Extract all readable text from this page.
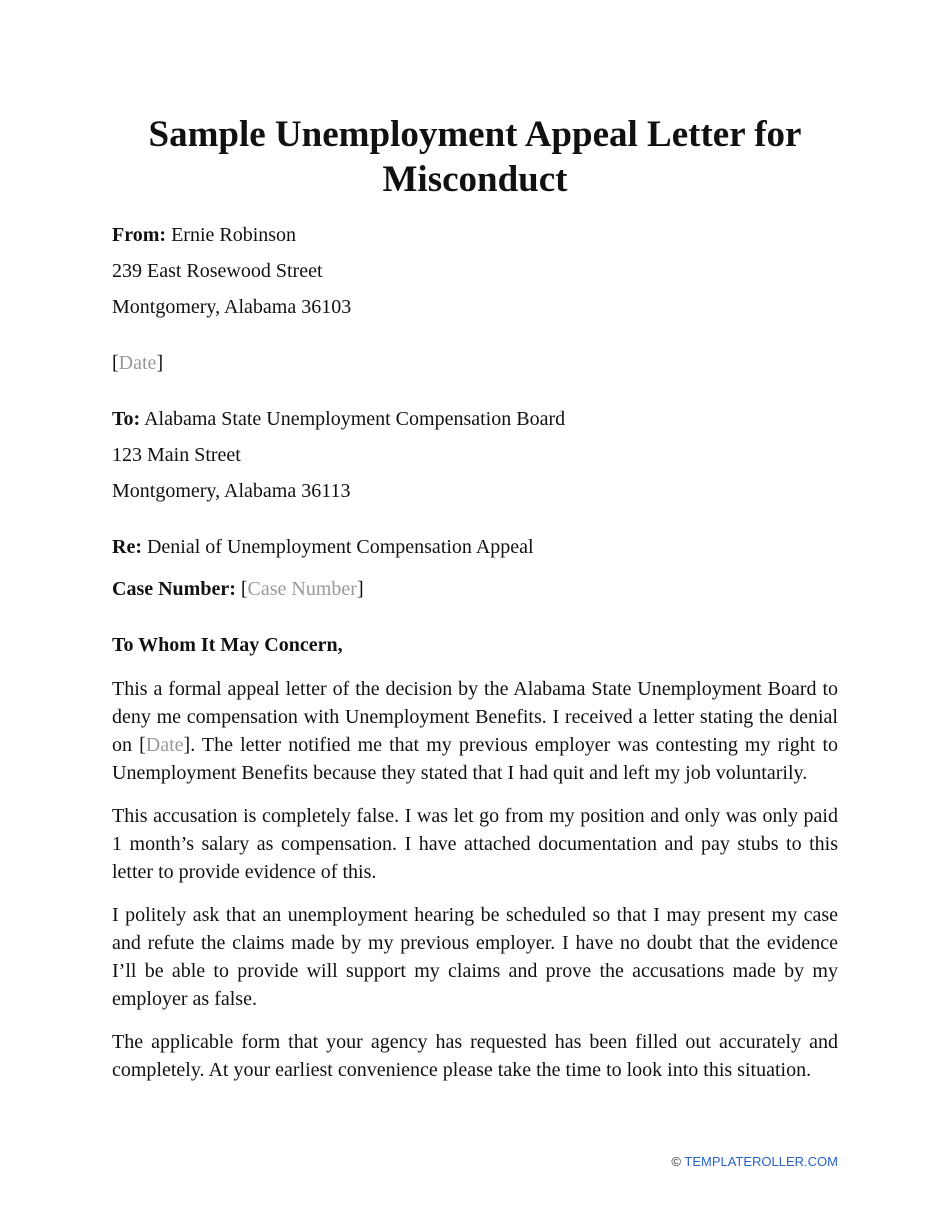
Sample Unemployment Appeal Letter for Misconduct
From: Ernie Robinson
239 East Rosewood Street
Montgomery, Alabama 36103
[Date]
To: Alabama State Unemployment Compensation Board
123 Main Street
Montgomery, Alabama 36113
Re: Denial of Unemployment Compensation Appeal
Case Number: [Case Number]
To Whom It May Concern,

This a formal appeal letter of the decision by the Alabama State Unemployment Board to deny me compensation with Unemployment Benefits. I received a letter stating the denial on [Date]. The letter notified me that my previous employer was contesting my right to Unemployment Benefits because they stated that I had quit and left my job voluntarily.

This accusation is completely false. I was let go from my position and only was only paid 1 month’s salary as compensation. I have attached documentation and pay stubs to this letter to provide evidence of this.

I politely ask that an unemployment hearing be scheduled so that I may present my case and refute the claims made by my previous employer. I have no doubt that the evidence I’ll be able to provide will support my claims and prove the accusations made by my employer as false.

The applicable form that your agency has requested has been filled out accurately and completely. At your earliest convenience please take the time to look into this situation.

© TEMPLATEROLLER.COM
